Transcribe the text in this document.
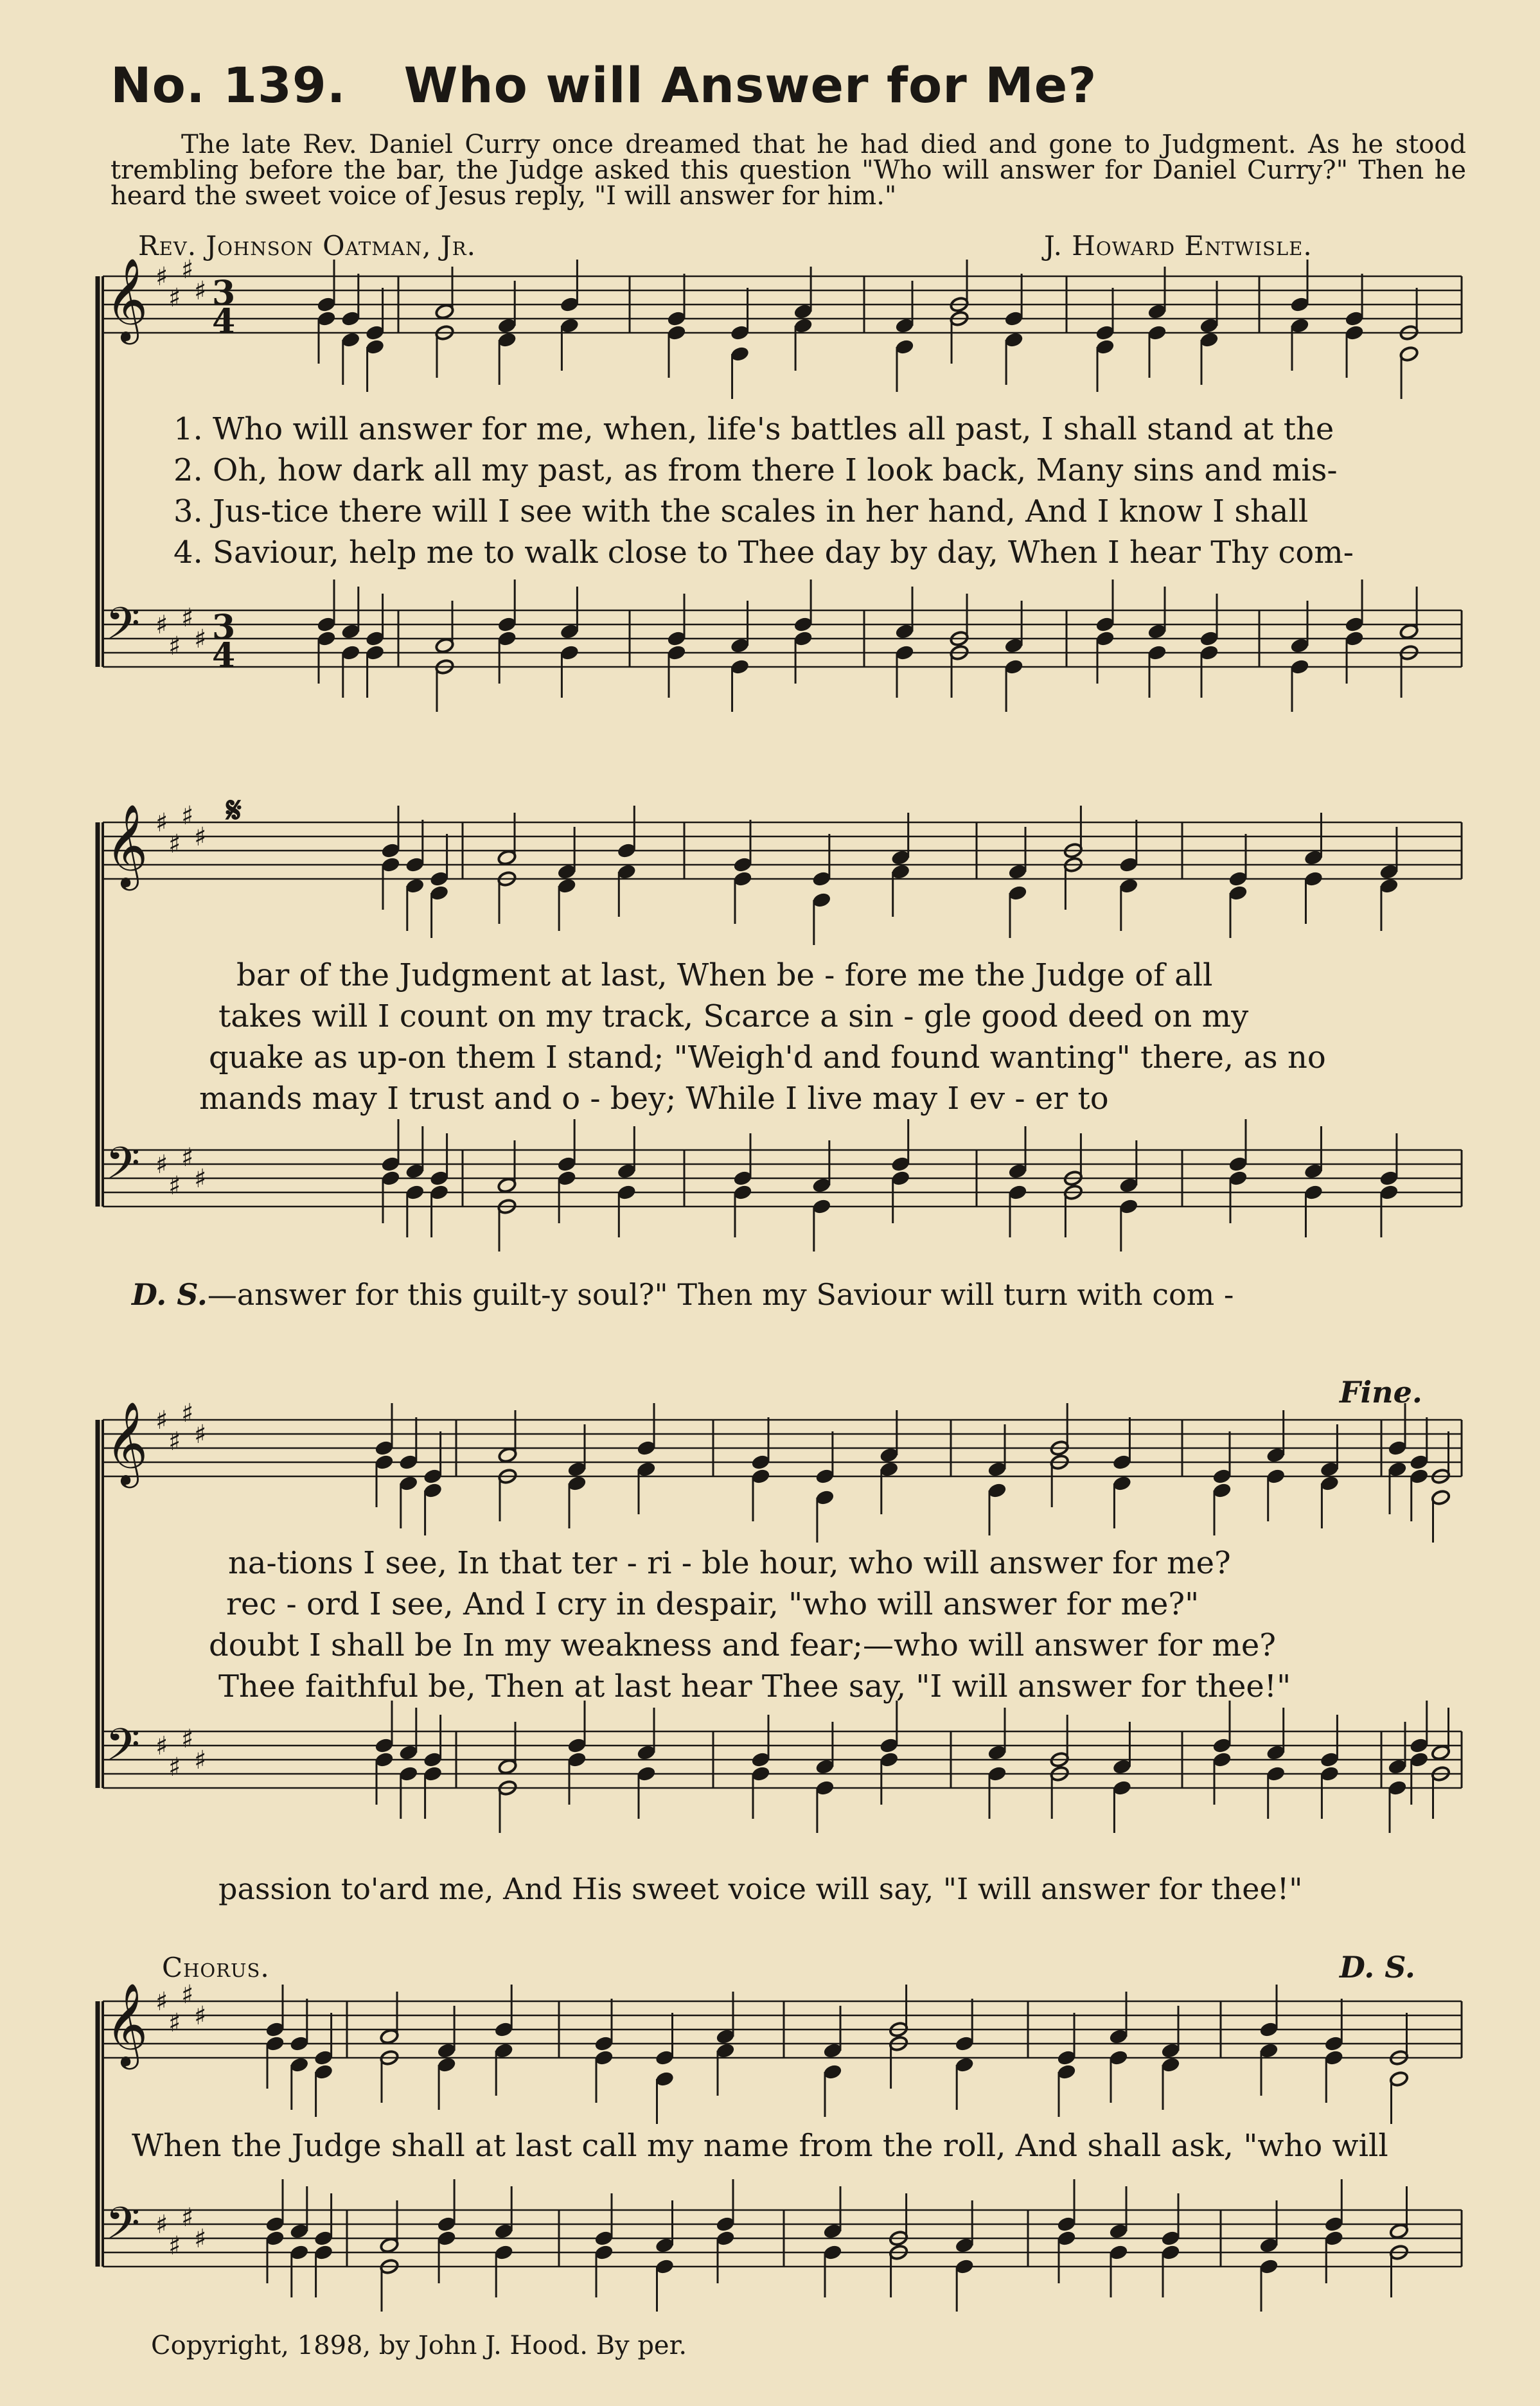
No. 139. Who will Answer for Me?
The late Rev. Daniel Curry once dreamed that he had died and gone to Judgment. As he stood trembling before the bar, the Judge asked this question "Who will answer for Daniel Curry?" Then he heard the sweet voice of Jesus reply, "I will answer for him."
Rev. Johnson Oatman, Jr.	J. Howard Entwisle.
𝄞 ♯
♯
♯
♯ 3
4
𝄢 ♯
♯
♯
♯ 3
4
𝄞 ♯
♯
♯
♯
𝄢 ♯
♯
♯
♯
𝄞 ♯
♯
♯
♯
𝄢 ♯
♯
♯
♯
𝄞 ♯
♯
♯
♯
𝄢 ♯
♯
♯
♯
1. Who will answer for me, when, life's battles all past, I shall stand at the
2. Oh, how dark all my past, as from there I look back, Many sins and mis-
3. Jus-tice there will I see with the scales in her hand, And I know I shall
4. Saviour, help me to walk close to Thee day by day, When I hear Thy com-
𝄋
bar of the Judgment at last, When be - fore me the Judge of all
takes will I count on my track, Scarce a sin - gle good deed on my
quake as up-on them I stand; "Weigh'd and found wanting" there, as no
mands may I trust and o - bey; While I live may I ev - er to
D. S.—answer for this guilt-y soul?" Then my Saviour will turn with com -
Fine.
na-tions I see, In that ter - ri - ble hour, who will answer for me?
rec - ord I see, And I cry in despair, "who will answer for me?"
doubt I shall be In my weakness and fear;—who will answer for me?
Thee faithful be, Then at last hear Thee say, "I will answer for thee!"
passion to'ard me, And His sweet voice will say, "I will answer for thee!"
Chorus.	D. S.
When the Judge shall at last call my name from the roll, And shall ask, "who will
Copyright, 1898, by John J. Hood. By per.
